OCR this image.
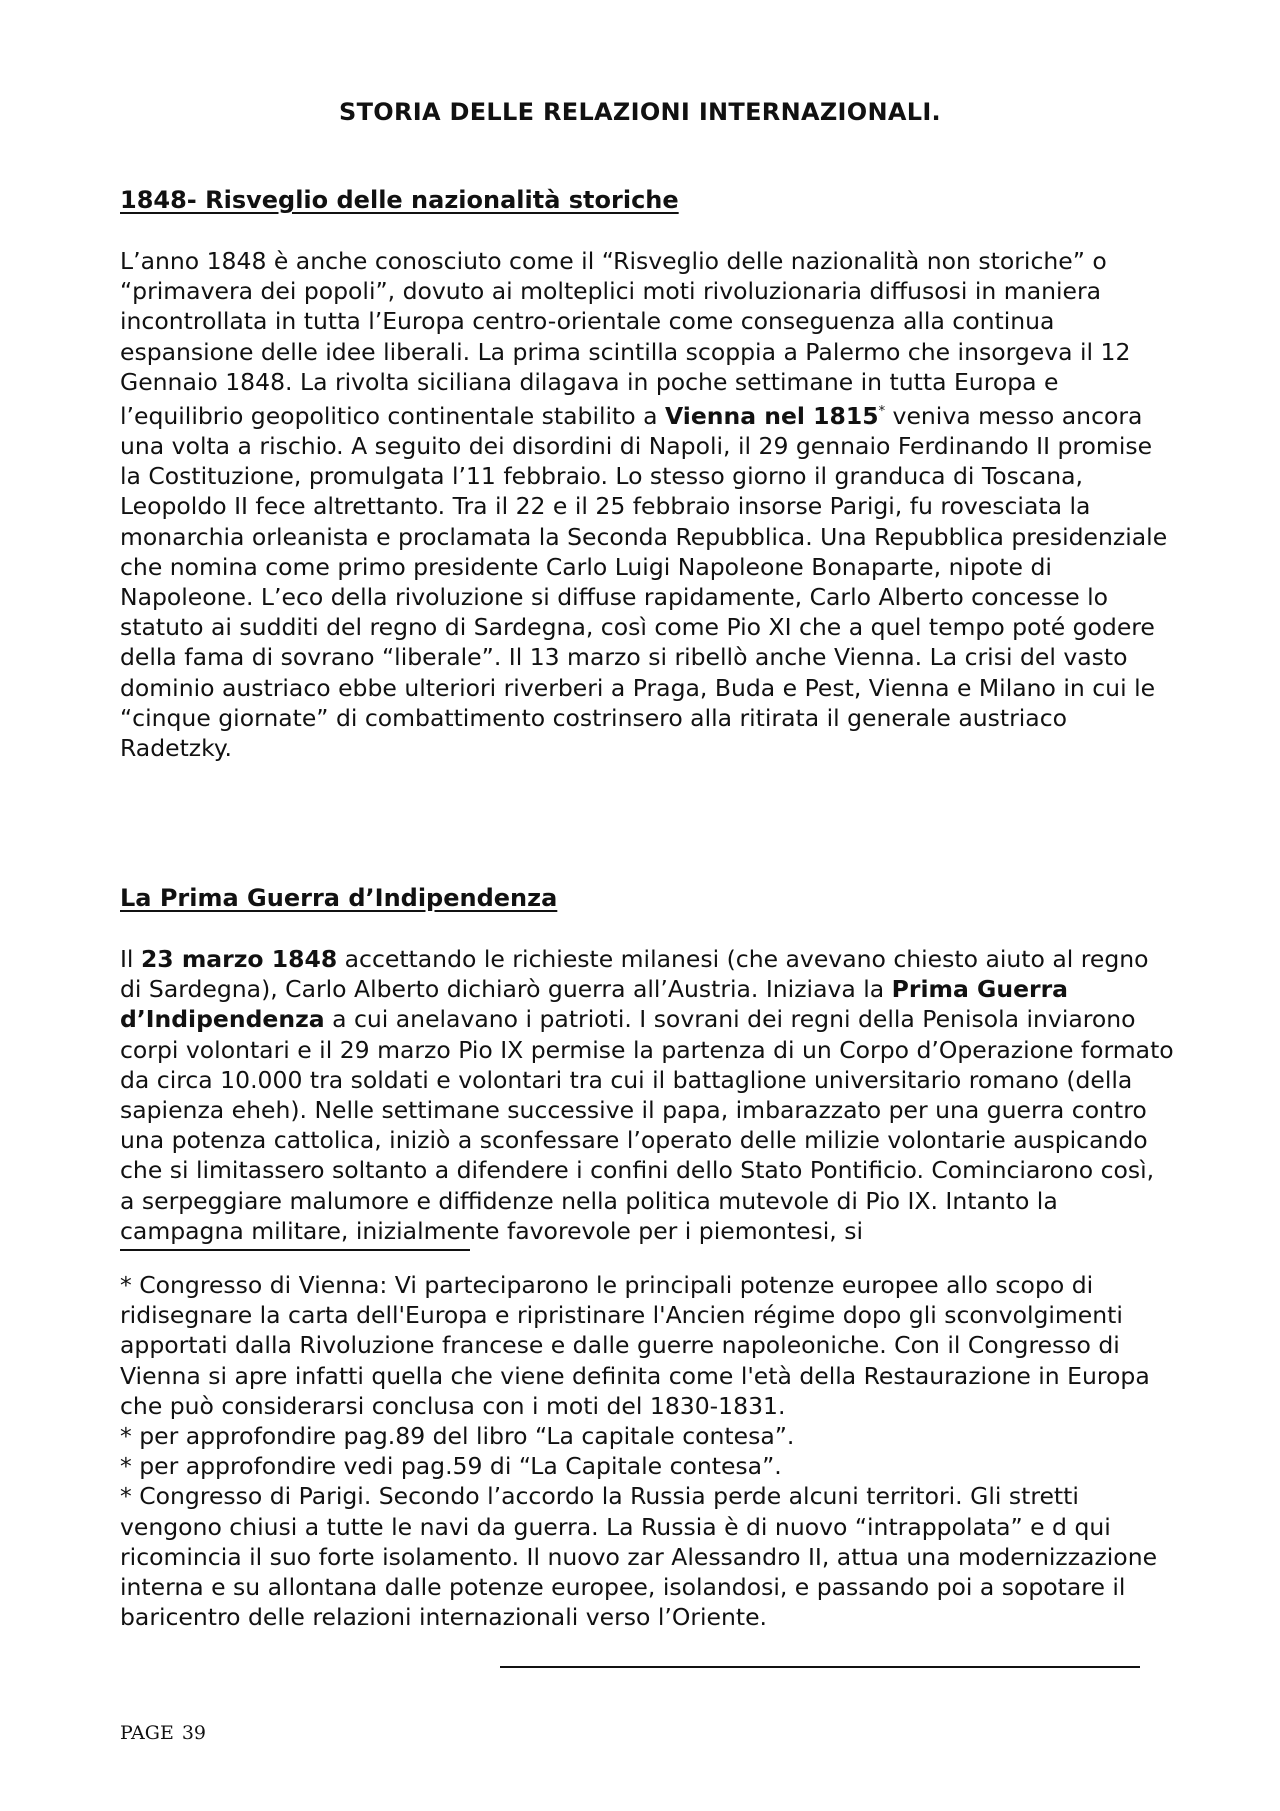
STORIA DELLE RELAZIONI INTERNAZIONALI.
1848- Risveglio delle nazionalità storiche

L’anno 1848 è anche conosciuto come il “Risveglio delle nazionalità non storiche” o “primavera dei popoli”, dovuto ai molteplici moti rivoluzionaria diffusosi in maniera incontrollata in tutta l’Europa centro-orientale come conseguenza alla continua espansione delle idee liberali. La prima scintilla scoppia a Palermo che insorgeva il 12 Gennaio 1848. La rivolta siciliana dilagava in poche settimane in tutta Europa e l’equilibrio geopolitico continentale stabilito a Vienna nel 1815* veniva messo ancora una volta a rischio. A seguito dei disordini di Napoli, il 29 gennaio Ferdinando II promise la Costituzione, promulgata l’11 febbraio. Lo stesso giorno il granduca di Toscana, Leopoldo II fece altrettanto. Tra il 22 e il 25 febbraio insorse Parigi, fu rovesciata la monarchia orleanista e proclamata la Seconda Repubblica. Una Repubblica presidenziale che nomina come primo presidente Carlo Luigi Napoleone Bonaparte, nipote di Napoleone. L’eco della rivoluzione si diffuse rapidamente, Carlo Alberto concesse lo statuto ai sudditi del regno di Sardegna, così come Pio XI che a quel tempo poté godere della fama di sovrano “liberale”. Il 13 marzo si ribellò anche Vienna. La crisi del vasto dominio austriaco ebbe ulteriori riverberi a Praga, Buda e Pest, Vienna e Milano in cui le “cinque giornate” di combattimento costrinsero alla ritirata il generale austriaco Radetzky.

La Prima Guerra d’Indipendenza

Il 23 marzo 1848 accettando le richieste milanesi (che avevano chiesto aiuto al regno di Sardegna), Carlo Alberto dichiarò guerra all’Austria. Iniziava la Prima Guerra d’Indipendenza a cui anelavano i patrioti. I sovrani dei regni della Penisola inviarono corpi volontari e il 29 marzo Pio IX permise la partenza di un Corpo d’Operazione formato da circa 10.000 tra soldati e volontari tra cui il battaglione universitario romano (della sapienza eheh). Nelle settimane successive il papa, imbarazzato per una guerra contro una potenza cattolica, iniziò a sconfessare l’operato delle milizie volontarie auspicando che si limitassero soltanto a difendere i confini dello Stato Pontificio. Cominciarono così, a serpeggiare malumore e diffidenze nella politica mutevole di Pio IX. Intanto la campagna militare, inizialmente favorevole per i piemontesi, si

* Congresso di Vienna: Vi parteciparono le principali potenze europee allo scopo di ridisegnare la carta dell'Europa e ripristinare l'Ancien régime dopo gli sconvolgimenti apportati dalla Rivoluzione francese e dalle guerre napoleoniche. Con il Congresso di Vienna si apre infatti quella che viene definita come l'età della Restaurazione in Europa che può considerarsi conclusa con i moti del 1830-1831.

* per approfondire pag.89 del libro “La capitale contesa”.

* per approfondire vedi pag.59 di “La Capitale contesa”.

* Congresso di Parigi. Secondo l’accordo la Russia perde alcuni territori. Gli stretti vengono chiusi a tutte le navi da guerra. La Russia è di nuovo “intrappolata” e d qui ricomincia il suo forte isolamento. Il nuovo zar Alessandro II, attua una modernizzazione interna e su allontana dalle potenze europee, isolandosi, e passando poi a sopotare il baricentro delle relazioni internazionali verso l’Oriente.

PAGE 39
